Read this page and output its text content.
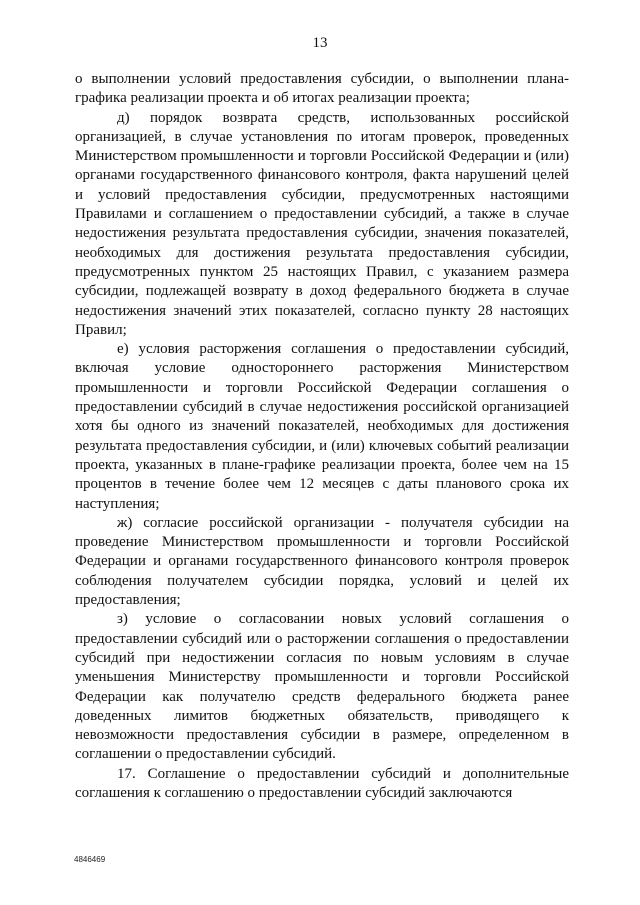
13

о выполнении условий предоставления субсидии, о выполнении плана-графика реализации проекта и об итогах реализации проекта;

д) порядок возврата средств, использованных российской организацией, в случае установления по итогам проверок, проведенных Министерством промышленности и торговли Российской Федерации и (или) органами государственного финансового контроля, факта нарушений целей и условий предоставления субсидии, предусмотренных настоящими Правилами и соглашением о предоставлении субсидий, а также в случае недостижения результата предоставления субсидии, значения показателей, необходимых для достижения результата предоставления субсидии, предусмотренных пунктом 25 настоящих Правил, с указанием размера субсидии, подлежащей возврату в доход федерального бюджета в случае недостижения значений этих показателей, согласно пункту 28 настоящих Правил;

е) условия расторжения соглашения о предоставлении субсидий, включая условие одностороннего расторжения Министерством промышленности и торговли Российской Федерации соглашения о предоставлении субсидий в случае недостижения российской организацией хотя бы одного из значений показателей, необходимых для достижения результата предоставления субсидии, и (или) ключевых событий реализации проекта, указанных в плане-графике реализации проекта, более чем на 15 процентов в течение более чем 12 месяцев с даты планового срока их наступления;

ж) согласие российской организации - получателя субсидии на проведение Министерством промышленности и торговли Российской Федерации и органами государственного финансового контроля проверок соблюдения получателем субсидии порядка, условий и целей их предоставления;

з) условие о согласовании новых условий соглашения о предоставлении субсидий или о расторжении соглашения о предоставлении субсидий при недостижении согласия по новым условиям в случае уменьшения Министерству промышленности и торговли Российской Федерации как получателю средств федерального бюджета ранее доведенных лимитов бюджетных обязательств, приводящего к невозможности предоставления субсидии в размере, определенном в соглашении о предоставлении субсидий.

17. Соглашение о предоставлении субсидий и дополнительные соглашения к соглашению о предоставлении субсидий заключаются

4846469
